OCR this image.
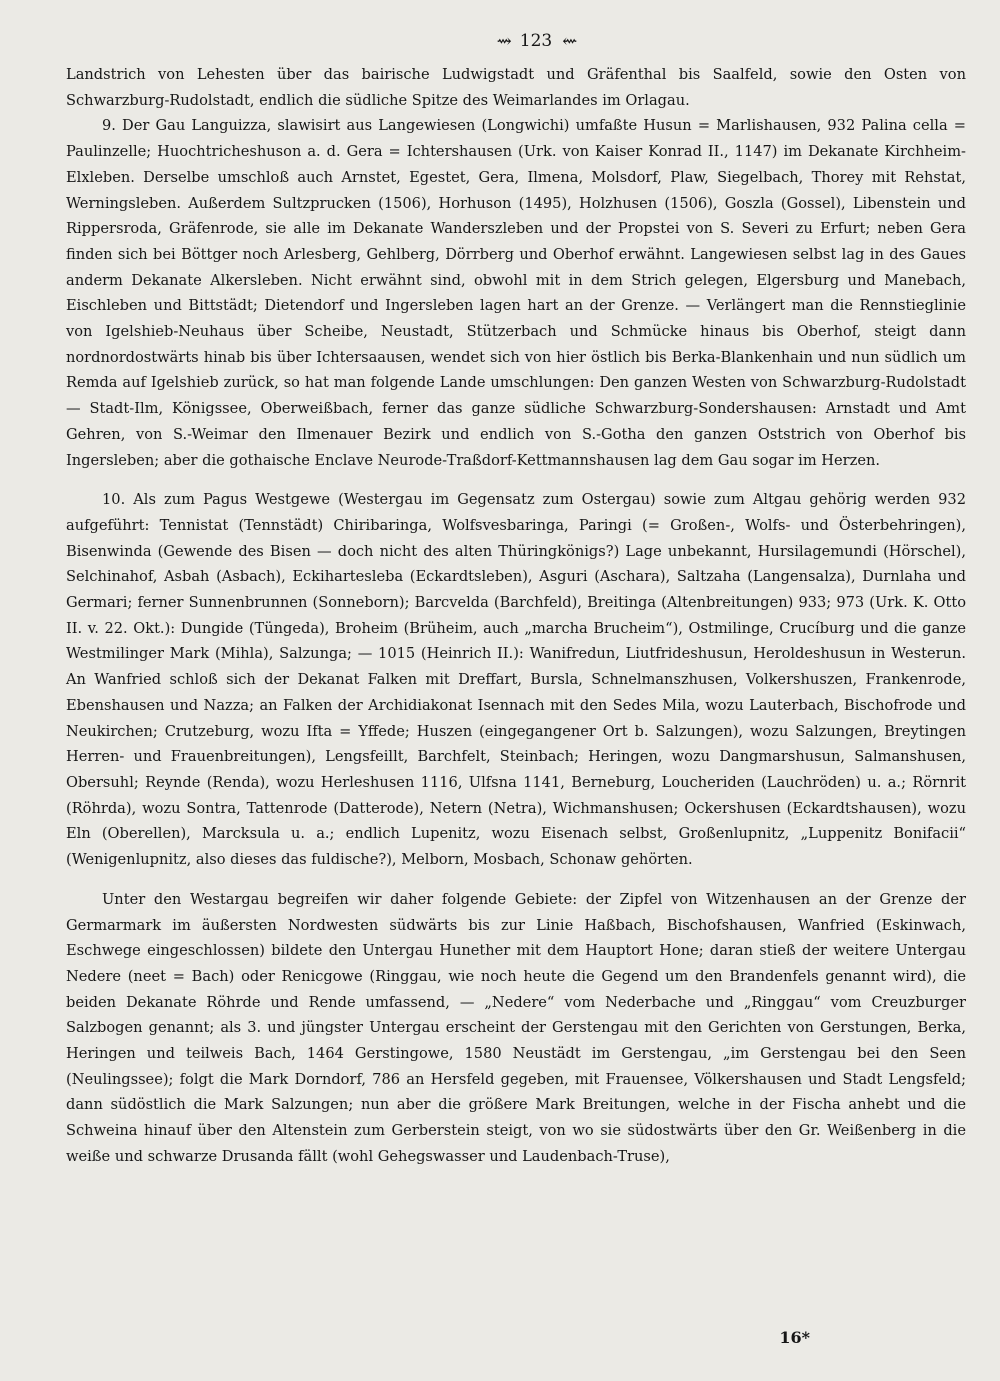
⇝ 123 ⇜

Landstrich von Lehesten über das bairische Ludwigstadt und Gräfenthal bis Saalfeld, sowie den Osten von Schwarzburg-Rudolstadt, endlich die südliche Spitze des Weimarlandes im Orlagau.

9. Der Gau Languizza, slawisirt aus Langewiesen (Longwichi) umfaßte Husun = Marlishausen, 932 Palina cella = Paulinzelle; Huochtricheshuson a. d. Gera = Ichtershausen (Urk. von Kaiser Konrad II., 1147) im Dekanate Kirchheim-Elxleben. Derselbe umschloß auch Arnstet, Egestet, Gera, Ilmena, Molsdorf, Plaw, Siegelbach, Thorey mit Rehstat, Werningsleben. Außerdem Sultzprucken (1506), Horhuson (1495), Holzhusen (1506), Goszla (Gossel), Libenstein und Rippersroda, Gräfenrode, sie alle im Dekanate Wanderszleben und der Propstei von S. Severi zu Erfurt; neben Gera finden sich bei Böttger noch Arlesberg, Gehlberg, Dörrberg und Oberhof erwähnt. Langewiesen selbst lag in des Gaues anderm Dekanate Alkersleben. Nicht erwähnt sind, obwohl mit in dem Strich gelegen, Elgersburg und Manebach, Eischleben und Bittstädt; Dietendorf und Ingersleben lagen hart an der Grenze. — Verlängert man die Rennstieglinie von Igelshieb-Neuhaus über Scheibe, Neustadt, Stützerbach und Schmücke hinaus bis Oberhof, steigt dann nordnordostwärts hinab bis über Ichtersaausen, wendet sich von hier östlich bis Berka-Blankenhain und nun südlich um Remda auf Igelshieb zurück, so hat man folgende Lande umschlungen: Den ganzen Westen von Schwarzburg-Rudolstadt — Stadt-Ilm, Königssee, Oberweißbach, ferner das ganze südliche Schwarzburg-Sondershausen: Arnstadt und Amt Gehren, von S.-Weimar den Ilmenauer Bezirk und endlich von S.-Gotha den ganzen Oststrich von Oberhof bis Ingersleben; aber die gothaische Enclave Neurode-Traßdorf-Kettmannshausen lag dem Gau sogar im Herzen.

10. Als zum Pagus Westgewe (Westergau im Gegensatz zum Ostergau) sowie zum Altgau gehörig werden 932 aufgeführt: Tennistat (Tennstädt) Chiribaringa, Wolfsvesbaringa, Paringi (= Großen-, Wolfs- und Österbehringen), Bisenwinda (Gewende des Bisen — doch nicht des alten Thüringkönigs?) Lage unbekannt, Hursilagemundi (Hörschel), Selchinahof, Asbah (Asbach), Eckihartesleba (Eckardtsleben), Asguri (Aschara), Saltzaha (Langensalza), Durnlaha und Germari; ferner Sunnenbrunnen (Sonneborn); Barcvelda (Barchfeld), Breitinga (Altenbreitungen) 933; 973 (Urk. K. Otto II. v. 22. Okt.): Dungide (Tüngeda), Broheim (Brüheim, auch „marcha Brucheim“), Ostmilinge, Crucíburg und die ganze Westmilinger Mark (Mihla), Salzunga; — 1015 (Heinrich II.): Wanifredun, Liutfrideshusun, Heroldeshusun in Westerun. An Wanfried schloß sich der Dekanat Falken mit Dreffart, Bursla, Schnelmanszhusen, Volkershuszen, Frankenrode, Ebenshausen und Nazza; an Falken der Archidiakonat Isennach mit den Sedes Mila, wozu Lauterbach, Bischofrode und Neukirchen; Crutzeburg, wozu Ifta = Yffede; Huszen (eingegangener Ort b. Salzungen), wozu Salzungen, Breytingen Herren- und Frauenbreitungen), Lengsfeillt, Barchfelt, Steinbach; Heringen, wozu Dangmarshusun, Salmanshusen, Obersuhl; Reynde (Renda), wozu Herleshusen 1116, Ulfsna 1141, Berneburg, Loucheriden (Lauchröden) u. a.; Rörnrit (Röhrda), wozu Sontra, Tattenrode (Datterode), Netern (Netra), Wichmanshusen; Ockershusen (Eckardtshausen), wozu Eln (Oberellen), Marcksula u. a.; endlich Lupenitz, wozu Eisenach selbst, Großenlupnitz, „Luppenitz Bonifacii“ (Wenigenlupnitz, also dieses das fuldische?), Melborn, Mosbach, Schonaw gehörten.

Unter den Westargau begreifen wir daher folgende Gebiete: der Zipfel von Witzenhausen an der Grenze der Germarmark im äußersten Nordwesten südwärts bis zur Linie Haßbach, Bischofshausen, Wanfried (Eskinwach, Eschwege eingeschlossen) bildete den Untergau Hunether mit dem Hauptort Hone; daran stieß der weitere Untergau Nedere (neet = Bach) oder Renicgowe (Ringgau, wie noch heute die Gegend um den Brandenfels genannt wird), die beiden Dekanate Röhrde und Rende umfassend, — „Nedere“ vom Nederbache und „Ringgau“ vom Creuzburger Salzbogen genannt; als 3. und jüngster Untergau erscheint der Gerstengau mit den Gerichten von Gerstungen, Berka, Heringen und teilweis Bach, 1464 Gerstingowe, 1580 Neustädt im Gerstengau, „im Gerstengau bei den Seen (Neulingssee); folgt die Mark Dorndorf, 786 an Hersfeld gegeben, mit Frauensee, Völkershausen und Stadt Lengsfeld; dann südöstlich die Mark Salzungen; nun aber die größere Mark Breitungen, welche in der Fischa anhebt und die Schweina hinauf über den Altenstein zum Gerberstein steigt, von wo sie südostwärts über den Gr. Weißenberg in die weiße und schwarze Drusanda fällt (wohl Gehegswasser und Laudenbach-Truse),

16*
